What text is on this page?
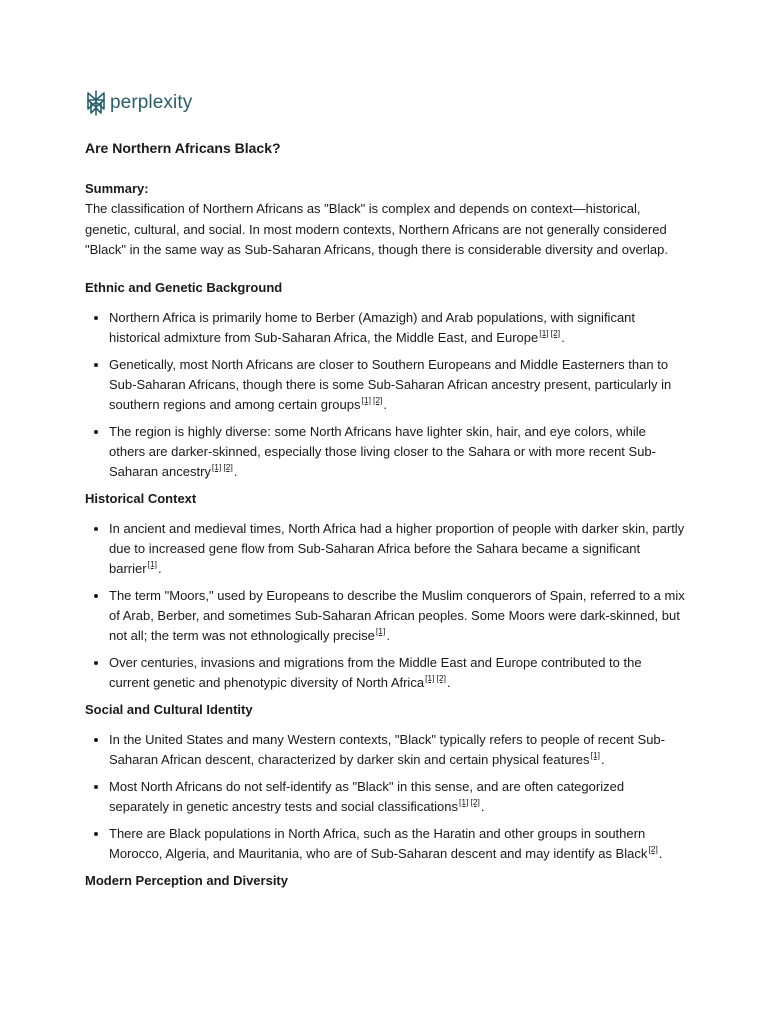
perplexity
Are Northern Africans Black?

Summary:

The classification of Northern Africans as "Black" is complex and depends on context—historical, genetic, cultural, and social. In most modern contexts, Northern Africans are not generally considered "Black" in the same way as Sub-Saharan Africans, though there is considerable diversity and overlap.

Ethnic and Genetic Background
• Northern Africa is primarily home to Berber (Amazigh) and Arab populations, with significant historical admixture from Sub-Saharan Africa, the Middle East, and Europe[1] [2].
• Genetically, most North Africans are closer to Southern Europeans and Middle Easterners than to Sub-Saharan Africans, though there is some Sub-Saharan African ancestry present, particularly in southern regions and among certain groups[1] [2].
• The region is highly diverse: some North Africans have lighter skin, hair, and eye colors, while others are darker-skinned, especially those living closer to the Sahara or with more recent Sub-Saharan ancestry[1] [2].
Historical Context
• In ancient and medieval times, North Africa had a higher proportion of people with darker skin, partly due to increased gene flow from Sub-Saharan Africa before the Sahara became a significant barrier[1].
• The term "Moors," used by Europeans to describe the Muslim conquerors of Spain, referred to a mix of Arab, Berber, and sometimes Sub-Saharan African peoples. Some Moors were dark-skinned, but not all; the term was not ethnologically precise[1].
• Over centuries, invasions and migrations from the Middle East and Europe contributed to the current genetic and phenotypic diversity of North Africa[1] [2].
Social and Cultural Identity
• In the United States and many Western contexts, "Black" typically refers to people of recent Sub-Saharan African descent, characterized by darker skin and certain physical features[1].
• Most North Africans do not self-identify as "Black" in this sense, and are often categorized separately in genetic ancestry tests and social classifications[1] [2].
• There are Black populations in North Africa, such as the Haratin and other groups in southern Morocco, Algeria, and Mauritania, who are of Sub-Saharan descent and may identify as Black[2].
Modern Perception and Diversity
